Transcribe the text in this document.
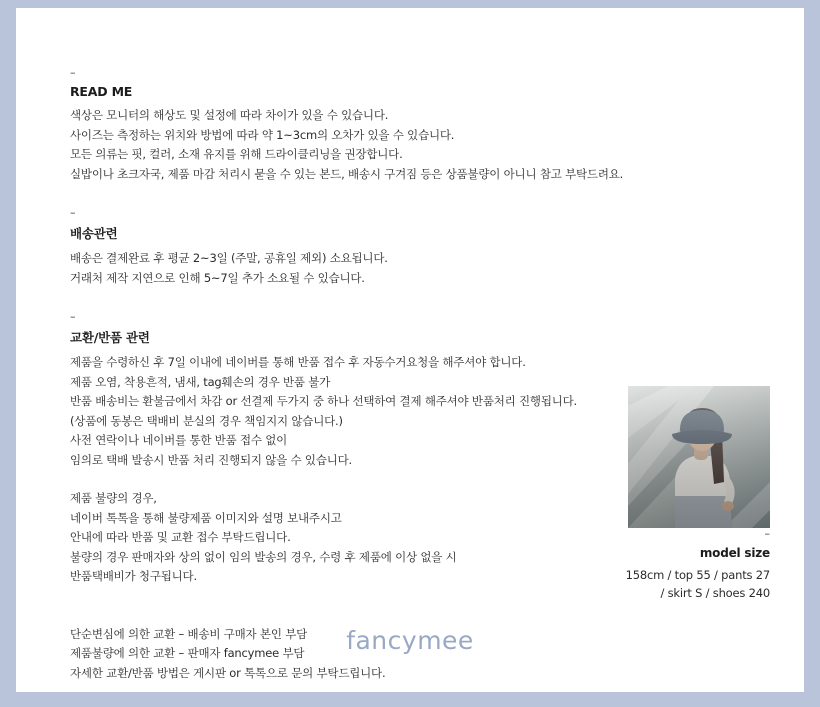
–
READ ME
색상은 모니터의 해상도 및 설정에 따라 차이가 있을 수 있습니다.
사이즈는 측정하는 위치와 방법에 따라 약 1~3cm의 오차가 있을 수 있습니다.
모든 의류는 핏, 컬러, 소재 유지를 위해 드라이클리닝을 권장합니다.
실밥이나 초크자국, 제품 마감 처리시 묻을 수 있는 본드, 배송시 구겨짐 등은 상품불량이 아니니 참고 부탁드려요.
–
배송관련
배송은 결제완료 후 평균 2~3일 (주말, 공휴일 제외) 소요됩니다.
거래처 제작 지연으로 인해 5~7일 추가 소요될 수 있습니다.
–
교환/반품 관련
제품을 수령하신 후 7일 이내에 네이버를 통해 반품 접수 후 자동수거요청을 해주셔야 합니다.
제품 오염, 착용흔적, 냄새, tag훼손의 경우 반품 불가
반품 배송비는 환불금에서 차감 or 선결제 두가지 중 하나 선택하여 결제 해주셔야 반품처리 진행됩니다.
(상품에 동봉은 택배비 분실의 경우 책임지지 않습니다.)
사전 연락이나 네이버를 통한 반품 접수 없이
임의로 택배 발송시 반품 처리 진행되지 않을 수 있습니다.
제품 불량의 경우,
네이버 톡톡을 통해 불량제품 이미지와 설명 보내주시고
안내에 따라 반품 및 교환 접수 부탁드립니다.
불량의 경우 판매자와 상의 없이 임의 발송의 경우, 수령 후 제품에 이상 없을 시
반품택배비가 청구됩니다.
단순변심에 의한 교환 – 배송비 구매자 본인 부담
제품불량에 의한 교환 – 판매자 fancymee 부담
자세한 교환/반품 방법은 게시판 or 톡톡으로 문의 부탁드립니다.
–
model size
158cm / top 55 / pants 27
/ skirt S / shoes 240
fancymee
